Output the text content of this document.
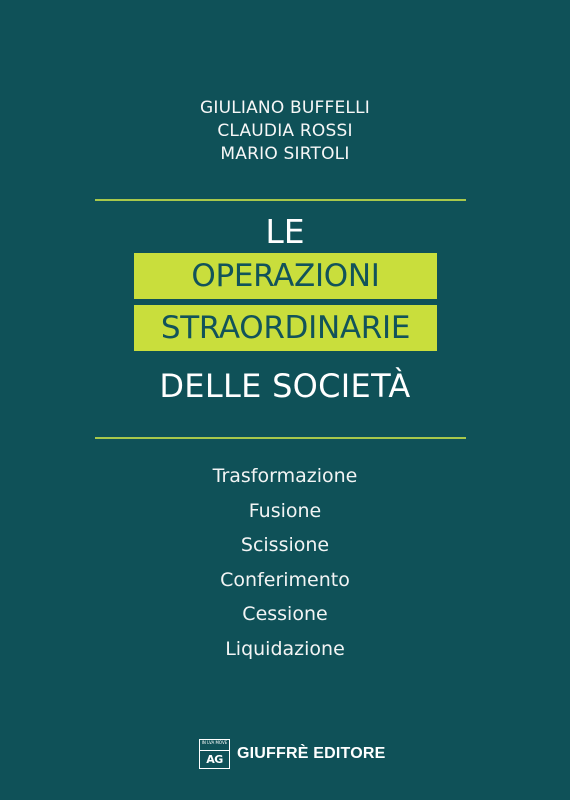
GIULIANO BUFFELLI
CLAUDIA ROSSI
MARIO SIRTOLI
LE
OPERAZIONI
STRAORDINARIE
DELLE SOCIETÀ
Trasformazione
Fusione
Scissione
Conferimento
Cessione
Liquidazione
IN LVA MOVE
AG GIUFFRÈ EDITORE
